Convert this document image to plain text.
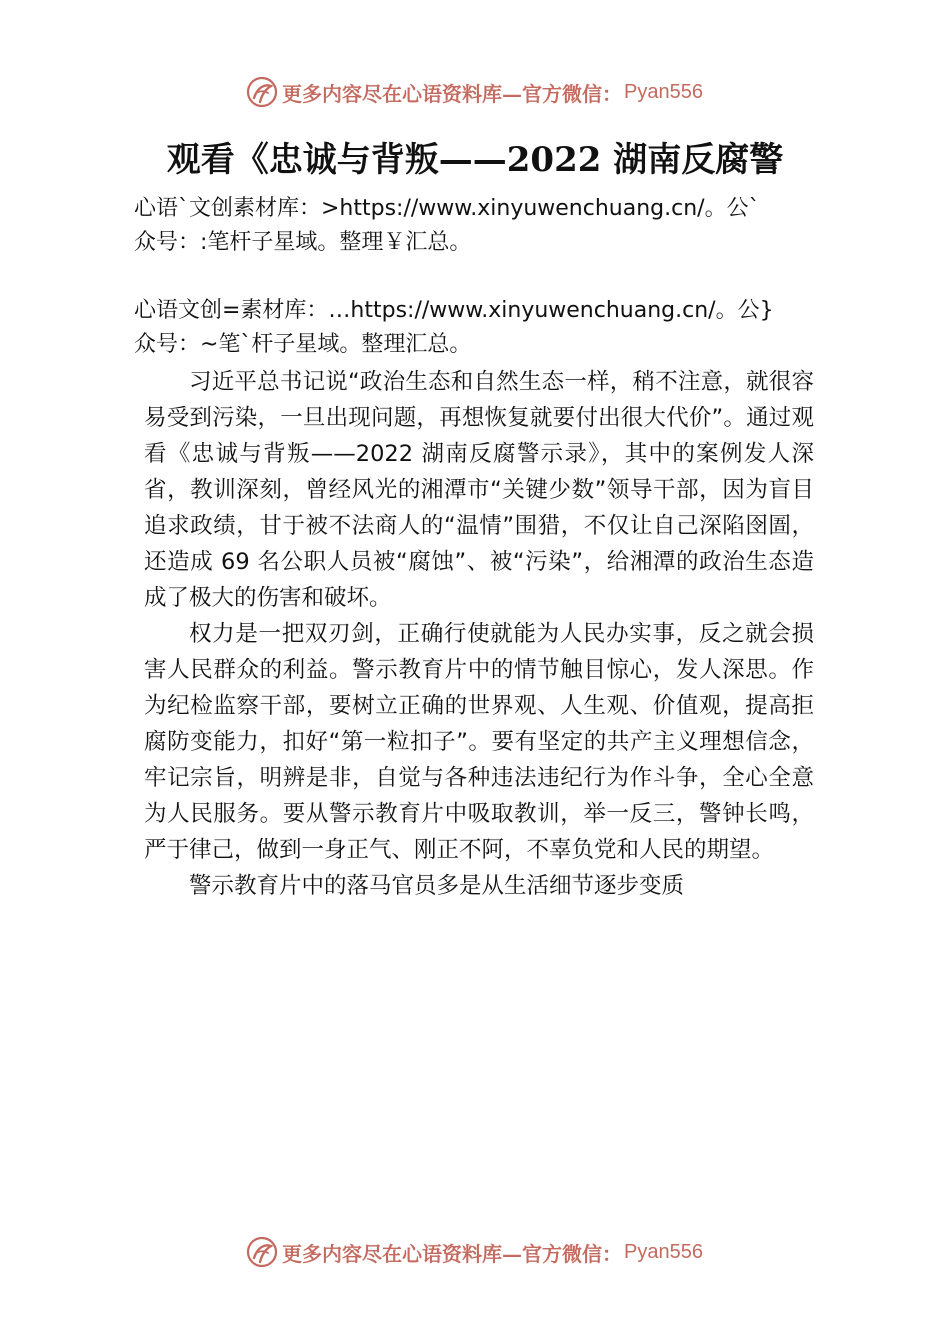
更多内容尽在心语资料库—官方微信： Pyan556
观看《忠诚与背叛——2022 湖南反腐警
心语`文创素材库：>https://www.xinyuwenchuang.cn/。公`
众号：:笔杆子星域。整理￥汇总。
心语文创=素材库：…https://www.xinyuwenchuang.cn/。公}
众号：~笔`杆子星域。整理汇总。

习近平总书记说“政治生态和自然生态一样，稍不注意，就很容易受到污染，一旦出现问题，再想恢复就要付出很大代价”。通过观看《忠诚与背叛——2022 湖南反腐警示录》，其中的案例发人深省，教训深刻，曾经风光的湘潭市“关键少数”领导干部，因为盲目追求政绩，甘于被不法商人的“温情”围猎，不仅让自己深陷囹圄，还造成 69 名公职人员被“腐蚀”、被“污染”，给湘潭的政治生态造成了极大的伤害和破坏。

权力是一把双刃剑，正确行使就能为人民办实事，反之就会损害人民群众的利益。警示教育片中的情节触目惊心，发人深思。作为纪检监察干部，要树立正确的世界观、人生观、价值观，提高拒腐防变能力，扣好“第一粒扣子”。要有坚定的共产主义理想信念，牢记宗旨，明辨是非，自觉与各种违法违纪行为作斗争，全心全意为人民服务。要从警示教育片中吸取教训，举一反三，警钟长鸣，严于律己，做到一身正气、刚正不阿，不辜负党和人民的期望。

警示教育片中的落马官员多是从生活细节逐步变质

更多内容尽在心语资料库—官方微信： Pyan556
